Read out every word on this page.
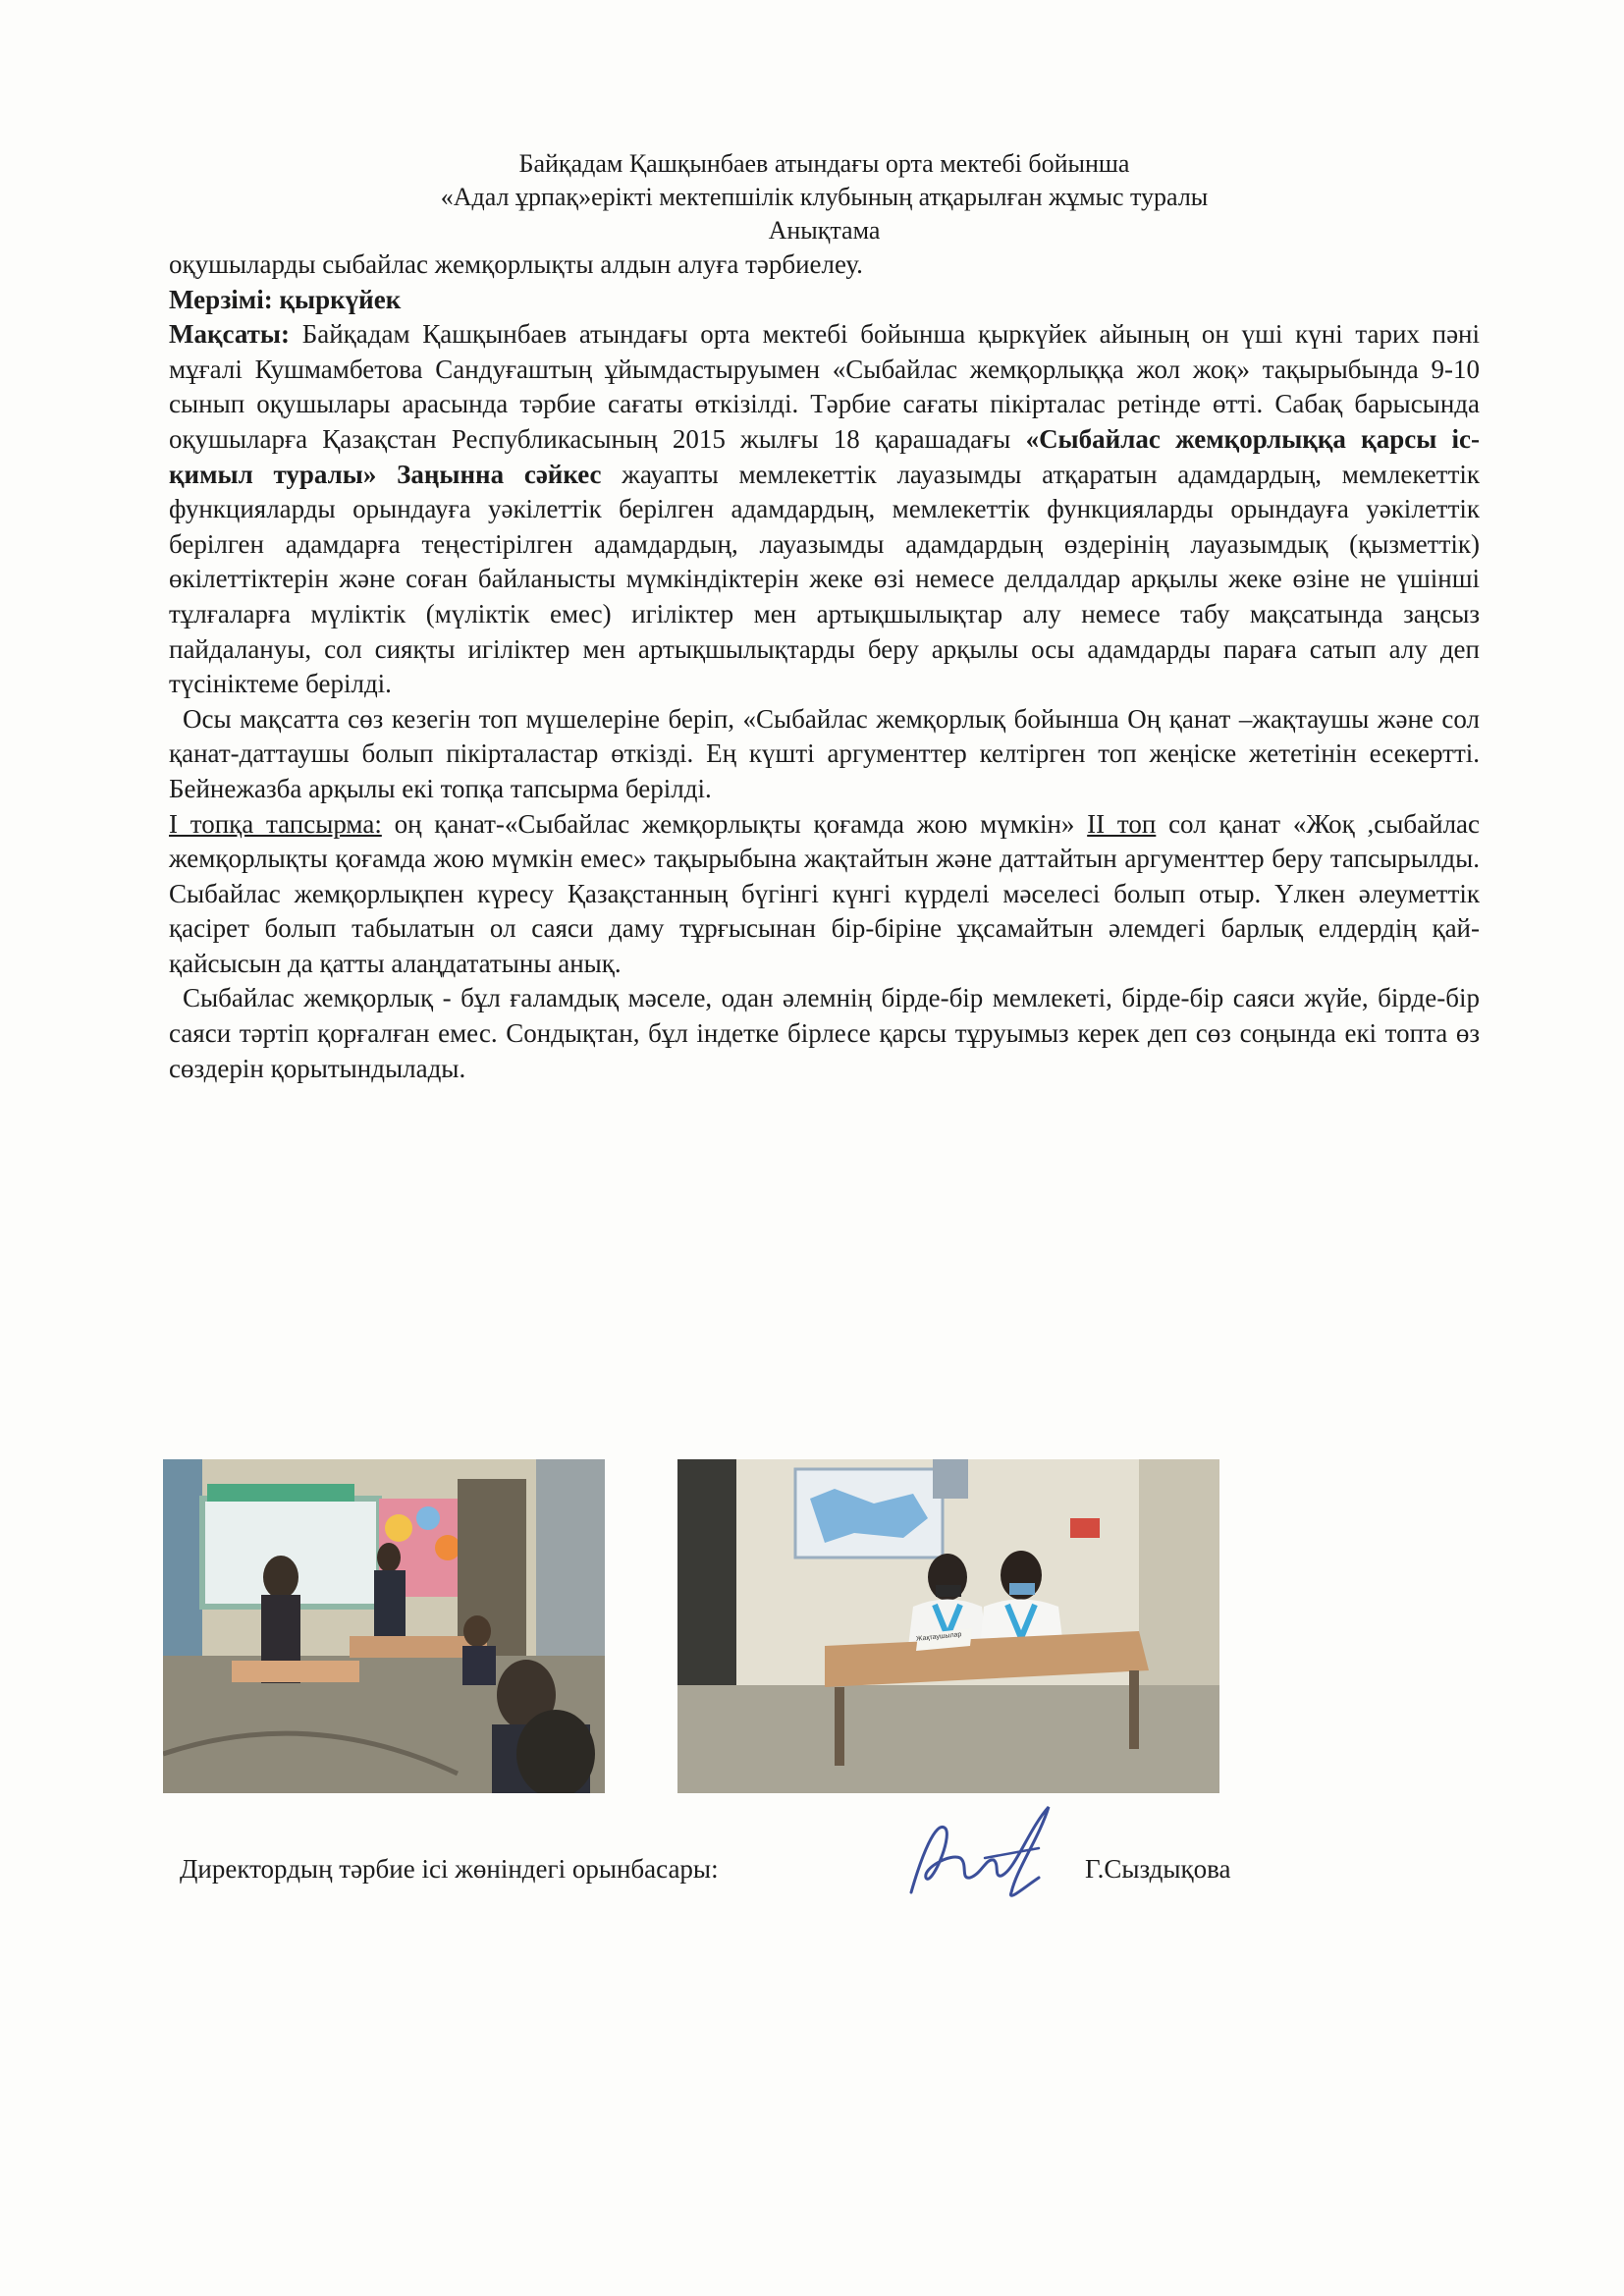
Байқадам Қашқынбаев атындағы орта мектебі бойынша
«Адал ұрпақ»ерікті мектепшілік клубының атқарылған жұмыс туралы
Анықтама

оқушыларды сыбайлас жемқорлықты алдын алуға тәрбиелеу.

Мерзімі: қыркүйек

Мақсаты: Байқадам Қашқынбаев атындағы орта мектебі бойынша қыркүйек айының он үші күні тарих пәні мұғалі Кушмамбетова Сандуғаштың ұйымдастыруымен «Сыбайлас жемқорлыққа жол жоқ» тақырыбында 9-10 сынып оқушылары арасында тәрбие сағаты өткізілді. Тәрбие сағаты пікірталас ретінде өтті. Сабақ барысында оқушыларға Қазақстан Республикасының 2015 жылғы 18 қарашадағы «Сыбайлас жемқорлыққа қарсы іс-қимыл туралы» Заңынна сәйкес жауапты мемлекеттік лауазымды атқаратын адамдардың, мемлекеттік функцияларды орындауға уәкілеттік берілген адамдардың, мемлекеттік функцияларды орындауға уәкілеттік берілген адамдарға теңестірілген адамдардың, лауазымды адамдардың өздерінің лауазымдық (қызметтік) өкілеттіктерін және соған байланысты мүмкіндіктерін жеке өзі немесе делдалдар арқылы жеке өзіне не үшінші тұлғаларға мүліктік (мүліктік емес) игіліктер мен артықшылықтар алу немесе табу мақсатында заңсыз пайдалануы, сол сияқты игіліктер мен артықшылықтарды беру арқылы осы адамдарды параға сатып алу деп түсініктеме берілді.

Осы мақсатта сөз кезегін топ мүшелеріне беріп, «Сыбайлас жемқорлық бойынша Оң қанат –жақтаушы және сол қанат-даттаушы болып пікірталастар өткізді. Ең күшті аргументтер келтірген топ жеңіске жететінін есекертті. Бейнежазба арқылы екі топқа тапсырма берілді.

I топқа тапсырма: оң қанат-«Сыбайлас жемқорлықты қоғамда жою мүмкін» II топ сол қанат «Жоқ ,сыбайлас жемқорлықты қоғамда жою мүмкін емес» тақырыбына жақтайтын және даттайтын аргументтер беру тапсырылды. Сыбайлас жемқорлықпен күресу Қазақстанның бүгінгі күнгі күрделі мәселесі болып отыр. Үлкен әлеуметтік қасірет болып табылатын ол саяси даму тұрғысынан бір-біріне ұқсамайтын әлемдегі барлық елдердің қай-қайсысын да қатты алаңдататыны анық.

Сыбайлас жемқорлық - бұл ғаламдық мәселе, одан әлемнің бірде-бір мемлекеті, бірде-бір саяси жүйе, бірде-бір саяси тәртіп қорғалған емес. Сондықтан, бұл індетке бірлесе қарсы тұруымыз керек деп сөз соңында екі топта өз сөздерін қорытындылады.

Жақтаушылар
Директордың тәрбие ісі жөніндегі орынбасары:	Г.Сыздықова
